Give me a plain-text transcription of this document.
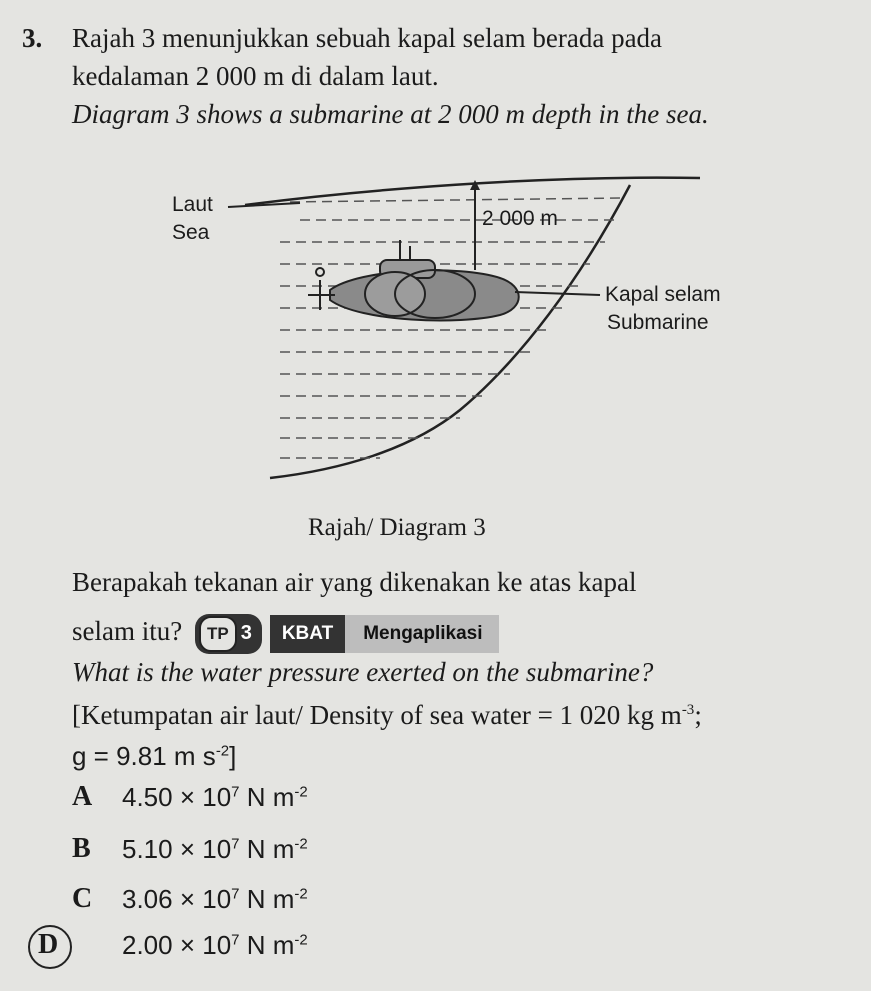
3. Rajah 3 menunjukkan sebuah kapal selam berada pada
kedalaman 2 000 m di dalam laut.
Diagram 3 shows a submarine at 2 000 m depth in the sea.
Laut
Sea
2 000 m
Kapal selam
Submarine
Rajah/ Diagram 3
Berapakah tekanan air yang dikenakan ke atas kapal
selam itu? TP 3 KBAT Mengaplikasi
What is the water pressure exerted on the submarine?
[Ketumpatan air laut/ Density of sea water = 1 020 kg $m^{-3}$;
g = 9.81 m $s^{-2}$]
A $4.50 \times 10^7$ N $m^{-2}$
B $5.10 \times 10^7$ N $m^{-2}$
C $3.06 \times 10^7$ N $m^{-2}$
D $2.00 \times 10^7$ N $m^{-2}$
